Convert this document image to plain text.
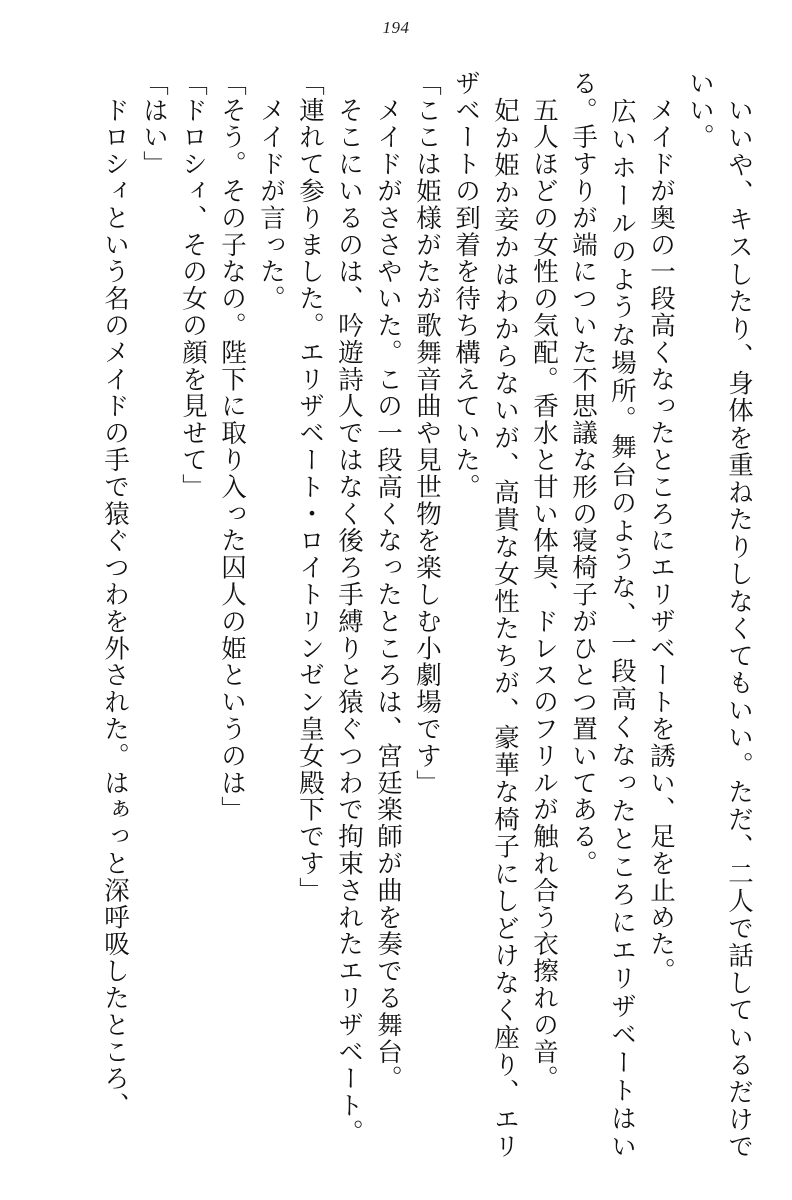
194

　いいや、キスしたり、身体を重ねたりしなくてもいい。ただ、二人で話しているだけでいい。
　メイドが奥の一段高くなったところにエリザベートを誘い、足を止めた。
　広いホールのような場所。舞台のような、一段高くなったところにエリザベートはいる。手すりが端についた不思議な形の寝椅子がひとつ置いてある。
　五人ほどの女性の気配。香水と甘い体臭、ドレスのフリルが触れ合う衣擦れの音。
　妃か姫か妾かはわからないが、高貴な女性たちが、豪華な椅子にしどけなく座り、エリザベートの到着を待ち構えていた。
「ここは姫様がたが歌舞音曲や見世物を楽しむ小劇場です」
　メイドがささやいた。この一段高くなったところは、宮廷楽師が曲を奏でる舞台。
　そこにいるのは、吟遊詩人ではなく後ろ手縛りと猿ぐつわで拘束されたエリザベート。
「連れて参りました。エリザベート・ロイトリンゼン皇女殿下です」
　メイドが言った。
「そう。その子なの。陛下に取り入った囚人の姫というのは」
「ドロシィ、その女の顔を見せて」
「はい」
　ドロシィという名のメイドの手で猿ぐつわを外された。はぁっと深呼吸したところ、
